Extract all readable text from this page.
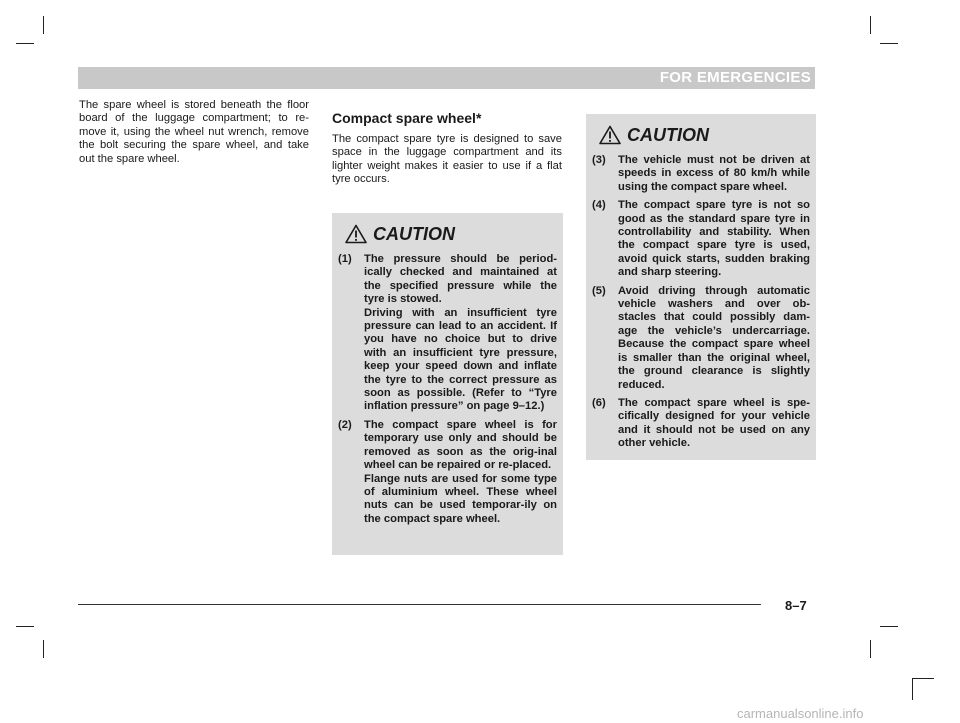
FOR EMERGENCIES
The spare wheel is stored beneath the floor board of the luggage compartment; to re-move it, using the wheel nut wrench, remove the bolt securing the spare wheel, and take out the spare wheel.
Compact spare wheel*
The compact spare tyre is designed to save space in the luggage compartment and its lighter weight makes it easier to use if a flat tyre occurs.
CAUTION
(1)	The pressure should be period-ically checked and maintained at the specified pressure while the tyre is stowed.

Driving with an insufficient tyre pressure can lead to an accident. If you have no choice but to drive with an insufficient tyre pressure, keep your speed down and inflate the tyre to the correct pressure as soon as possible. (Refer to “Tyre inflation pressure” on page 9–12.)

(2)	The compact spare wheel is for temporary use only and should be removed as soon as the orig-inal wheel can be repaired or re-placed.

Flange nuts are used for some type of aluminium wheel. These wheel nuts can be used temporar-ily on the compact spare wheel.

CAUTION
(3)	The vehicle must not be driven at speeds in excess of 80 km/h while using the compact spare wheel.

(4)	The compact spare tyre is not so good as the standard spare tyre in controllability and stability. When the compact spare tyre is used, avoid quick starts, sudden braking and sharp steering.

(5)	Avoid driving through automatic vehicle washers and over ob-stacles that could possibly dam-age the vehicle’s undercarriage. Because the compact spare wheel is smaller than the original wheel, the ground clearance is slightly reduced.

(6)	The compact spare wheel is spe-cifically designed for your vehicle and it should not be used on any other vehicle.

8–7
carmanualsonline.info
